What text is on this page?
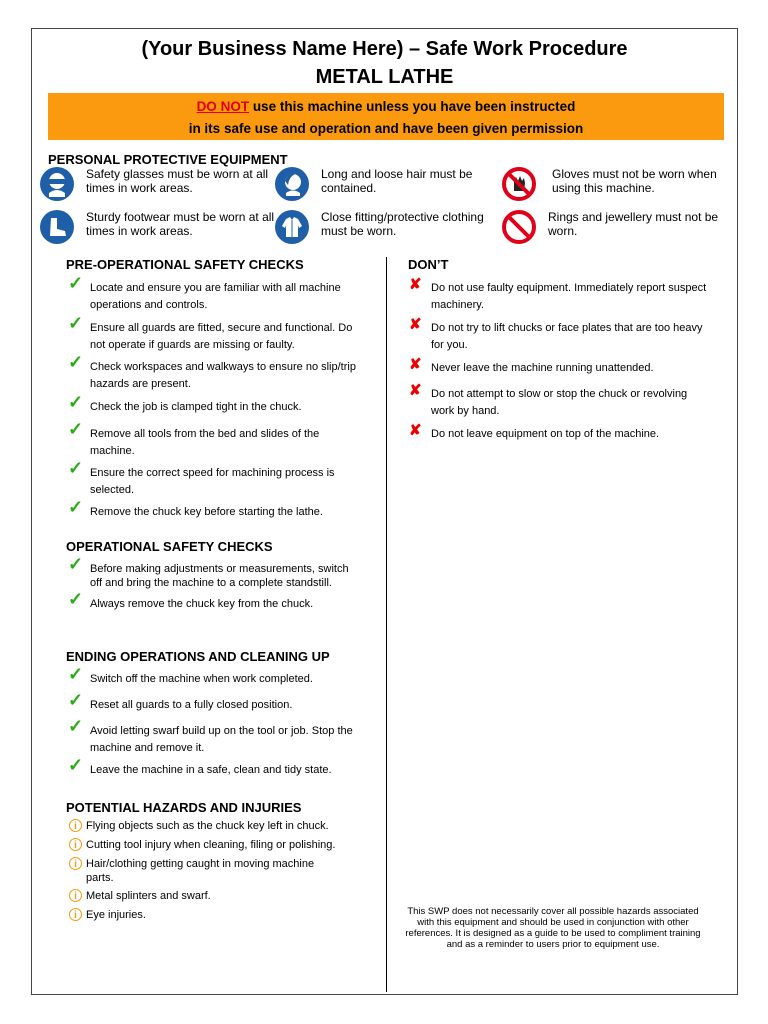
(Your Business Name Here) – Safe Work Procedure
METAL LATHE
DO NOT use this machine unless you have been instructed
in its safe use and operation and have been given permission
PERSONAL PROTECTIVE EQUIPMENT
Safety glasses must be worn at all times in work areas.
Long and loose hair must be contained.
Gloves must not be worn when using this machine.
Sturdy footwear must be worn at all times in work areas.
Close fitting/protective clothing must be worn.
Rings and jewellery must not be worn.
PRE-OPERATIONAL SAFETY CHECKS
✓ Locate and ensure you are familiar with all machine operations and controls.
✓ Ensure all guards are fitted, secure and functional. Do not operate if guards are missing or faulty.
✓ Check workspaces and walkways to ensure no slip/trip hazards are present.
✓ Check the job is clamped tight in the chuck.
✓ Remove all tools from the bed and slides of the machine.
✓ Ensure the correct speed for machining process is selected.
✓ Remove the chuck key before starting the lathe.
OPERATIONAL SAFETY CHECKS
✓ Before making adjustments or measurements, switch off and bring the machine to a complete standstill.
✓ Always remove the chuck key from the chuck.
ENDING OPERATIONS AND CLEANING UP
✓ Switch off the machine when work completed.
✓ Reset all guards to a fully closed position.
✓ Avoid letting swarf build up on the tool or job. Stop the machine and remove it.
✓ Leave the machine in a safe, clean and tidy state.
POTENTIAL HAZARDS AND INJURIES
i Flying objects such as the chuck key left in chuck.
i Cutting tool injury when cleaning, filing or polishing.
i Hair/clothing getting caught in moving machine parts.
i Metal splinters and swarf.
i Eye injuries.
DON’T
✘ Do not use faulty equipment. Immediately report suspect machinery.
✘ Do not try to lift chucks or face plates that are too heavy for you.
✘ Never leave the machine running unattended.
✘ Do not attempt to slow or stop the chuck or revolving work by hand.
✘ Do not leave equipment on top of the machine.
This SWP does not necessarily cover all possible hazards associated with this equipment and should be used in conjunction with other references. It is designed as a guide to be used to compliment training and as a reminder to users prior to equipment use.
